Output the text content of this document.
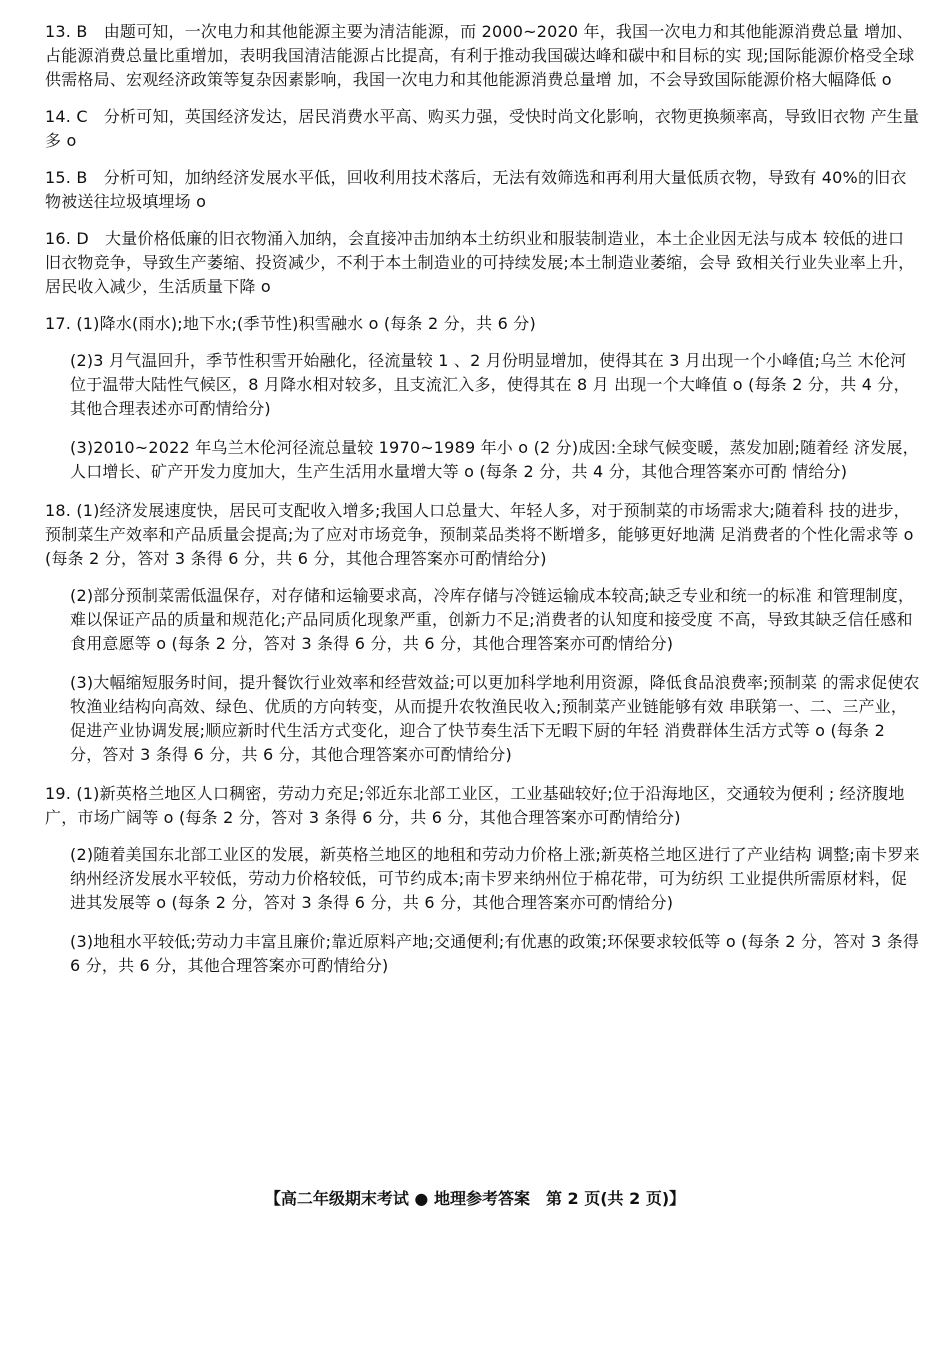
13. B　由题可知，一次电力和其他能源主要为清洁能源，而 2000~2020 年，我国一次电力和其他能源消费总量 增加、占能源消费总量比重增加，表明我国清洁能源占比提高，有利于推动我国碳达峰和碳中和目标的实 现;国际能源价格受全球供需格局、宏观经济政策等复杂因素影响，我国一次电力和其他能源消费总量增 加，不会导致国际能源价格大幅降低 o

14. C　分析可知，英国经济发达，居民消费水平高、购买力强，受快时尚文化影响，衣物更换频率高，导致旧衣物 产生量多 o

15. B　分析可知，加纳经济发展水平低，回收利用技术落后，无法有效筛选和再利用大量低质衣物，导致有 40%的旧衣物被送往垃圾填埋场 o

16. D　大量价格低廉的旧衣物涌入加纳，会直接冲击加纳本土纺织业和服装制造业，本土企业因无法与成本 较低的进口旧衣物竞争，导致生产萎缩、投资减少，不利于本土制造业的可持续发展;本土制造业萎缩，会导 致相关行业失业率上升，居民收入减少，生活质量下降 o

17. (1)降水(雨水);地下水;(季节性)积雪融水 o (每条 2 分，共 6 分)

(2)3 月气温回升，季节性积雪开始融化，径流量较 1 、2 月份明显增加，使得其在 3 月出现一个小峰值;乌兰 木伦河位于温带大陆性气候区，8 月降水相对较多，且支流汇入多，使得其在 8 月 出现一个大峰值 o (每条 2 分，共 4 分，其他合理表述亦可酌情给分)

(3)2010~2022 年乌兰木伦河径流总量较 1970~1989 年小 o (2 分)成因:全球气候变暖，蒸发加剧;随着经 济发展，人口增长、矿产开发力度加大，生产生活用水量增大等 o (每条 2 分，共 4 分，其他合理答案亦可酌 情给分)

18. (1)经济发展速度快，居民可支配收入增多;我国人口总量大、年轻人多，对于预制菜的市场需求大;随着科 技的进步，预制菜生产效率和产品质量会提高;为了应对市场竞争，预制菜品类将不断增多，能够更好地满 足消费者的个性化需求等 o (每条 2 分，答对 3 条得 6 分，共 6 分，其他合理答案亦可酌情给分)

(2)部分预制菜需低温保存，对存储和运输要求高，冷库存储与冷链运输成本较高;缺乏专业和统一的标准 和管理制度，难以保证产品的质量和规范化;产品同质化现象严重，创新力不足;消费者的认知度和接受度 不高，导致其缺乏信任感和食用意愿等 o (每条 2 分，答对 3 条得 6 分，共 6 分，其他合理答案亦可酌情给分)

(3)大幅缩短服务时间，提升餐饮行业效率和经营效益;可以更加科学地利用资源，降低食品浪费率;预制菜 的需求促使农牧渔业结构向高效、绿色、优质的方向转变，从而提升农牧渔民收入;预制菜产业链能够有效 串联第一、二、三产业，促进产业协调发展;顺应新时代生活方式变化，迎合了快节奏生活下无暇下厨的年轻 消费群体生活方式等 o (每条 2 分，答对 3 条得 6 分，共 6 分，其他合理答案亦可酌情给分)

19. (1)新英格兰地区人口稠密，劳动力充足;邻近东北部工业区，工业基础较好;位于沿海地区，交通较为便利 ; 经济腹地广，市场广阔等 o (每条 2 分，答对 3 条得 6 分，共 6 分，其他合理答案亦可酌情给分)

(2)随着美国东北部工业区的发展，新英格兰地区的地租和劳动力价格上涨;新英格兰地区进行了产业结构 调整;南卡罗来纳州经济发展水平较低，劳动力价格较低，可节约成本;南卡罗来纳州位于棉花带，可为纺织 工业提供所需原材料，促进其发展等 o (每条 2 分，答对 3 条得 6 分，共 6 分，其他合理答案亦可酌情给分)

(3)地租水平较低;劳动力丰富且廉价;靠近原料产地;交通便利;有优惠的政策;环保要求较低等 o (每条 2 分，答对 3 条得 6 分，共 6 分，其他合理答案亦可酌情给分)

【高二年级期末考试 ● 地理参考答案　第 2 页(共 2 页)】
